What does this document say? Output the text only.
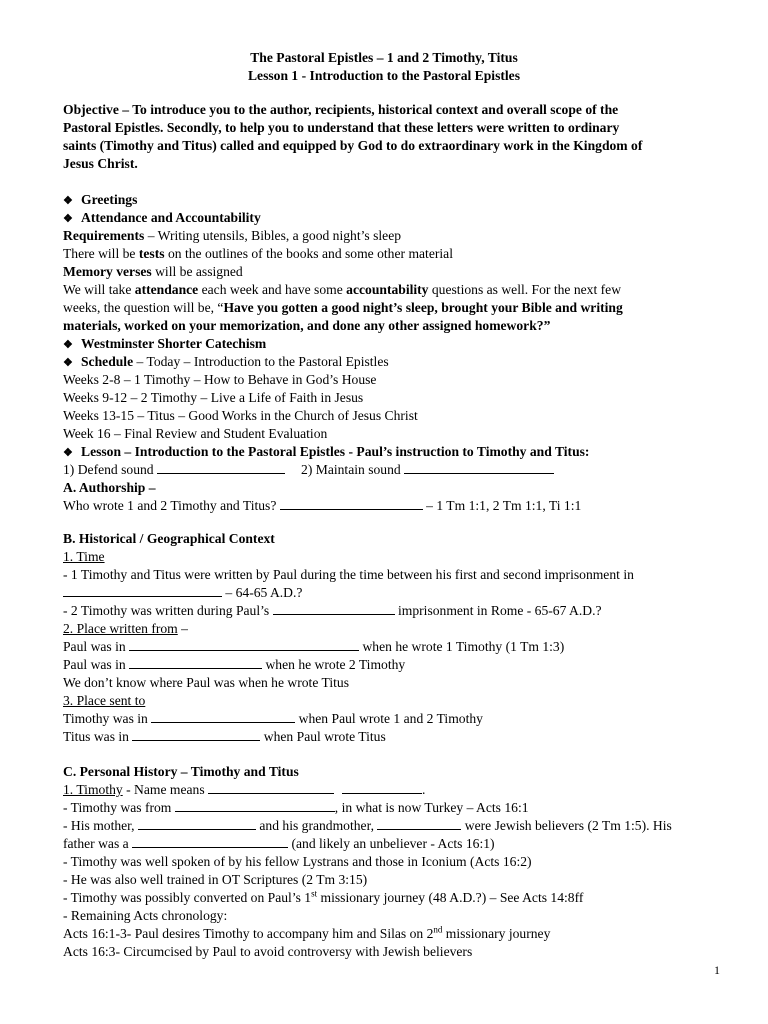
The Pastoral Epistles – 1 and 2 Timothy, Titus
Lesson 1 - Introduction to the Pastoral Epistles
Objective – To introduce you to the author, recipients, historical context and overall scope of the
Pastoral Epistles. Secondly, to help you to understand that these letters were written to ordinary
saints (Timothy and Titus) called and equipped by God to do extraordinary work in the Kingdom of
Jesus Christ.
❖ Greetings
❖ Attendance and Accountability
Requirements – Writing utensils, Bibles, a good night’s sleep
There will be tests on the outlines of the books and some other material
Memory verses will be assigned
We will take attendance each week and have some accountability questions as well. For the next few
weeks, the question will be, “Have you gotten a good night’s sleep, brought your Bible and writing
materials, worked on your memorization, and done any other assigned homework?”
❖ Westminster Shorter Catechism
❖ Schedule – Today – Introduction to the Pastoral Epistles
Weeks 2-8 – 1 Timothy – How to Behave in God’s House
Weeks 9-12 – 2 Timothy – Live a Life of Faith in Jesus
Weeks 13-15 – Titus – Good Works in the Church of Jesus Christ
Week 16 – Final Review and Student Evaluation
❖ Lesson – Introduction to the Pastoral Epistles - Paul’s instruction to Timothy and Titus:
1) Defend sound	2) Maintain sound
A. Authorship –
Who wrote 1 and 2 Timothy and Titus?	– 1 Tm 1:1, 2 Tm 1:1, Ti 1:1
B. Historical / Geographical Context
1. Time
- 1 Timothy and Titus were written by Paul during the time between his first and second imprisonment in
– 64-65 A.D.?
- 2 Timothy was written during Paul’s	imprisonment in Rome - 65-67 A.D.?
2. Place written from –
Paul was in	when he wrote 1 Timothy (1 Tm 1:3)
Paul was in	when he wrote 2 Timothy
We don’t know where Paul was when he wrote Titus
3. Place sent to
Timothy was in	when Paul wrote 1 and 2 Timothy
Titus was in	when Paul wrote Titus
C. Personal History – Timothy and Titus
1. Timothy - Name means	.
- Timothy was from	, in what is now Turkey – Acts 16:1
- His mother,	and his grandmother,	were Jewish believers (2 Tm 1:5). His
father was a	(and likely an unbeliever - Acts 16:1)
- Timothy was well spoken of by his fellow Lystrans and those in Iconium (Acts 16:2)
- He was also well trained in OT Scriptures (2 Tm 3:15)
- Timothy was possibly converted on Paul’s 1st missionary journey (48 A.D.?) – See Acts 14:8ff
- Remaining Acts chronology:
Acts 16:1-3- Paul desires Timothy to accompany him and Silas on 2nd missionary journey
Acts 16:3- Circumcised by Paul to avoid controversy with Jewish believers
1
